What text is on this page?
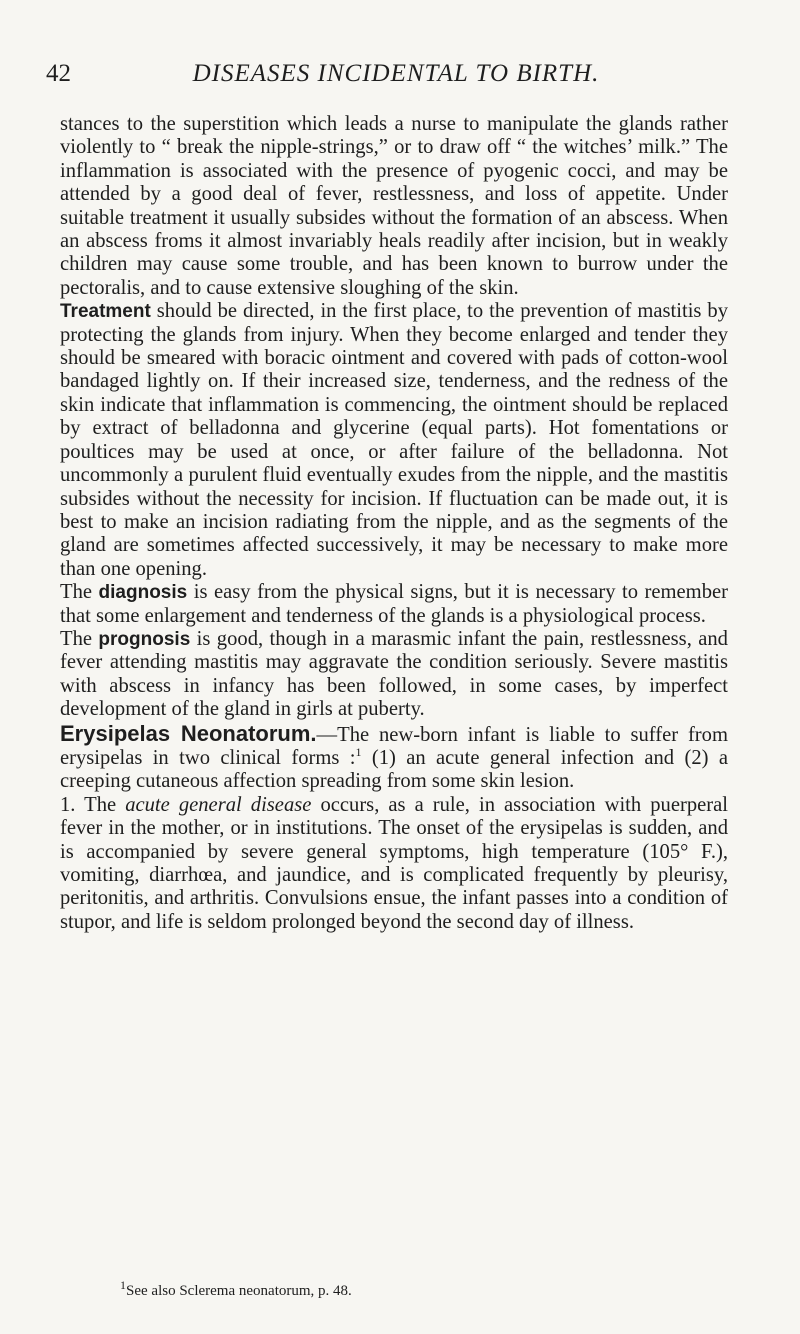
42	DISEASES INCIDENTAL TO BIRTH.

stances to the superstition which leads a nurse to manipulate the glands rather violently to “ break the nipple-strings,” or to draw off “ the witches’ milk.” The inflammation is associated with the presence of pyogenic cocci, and may be attended by a good deal of fever, restlessness, and loss of appetite. Under suitable treatment it usually subsides without the formation of an abscess. When an abscess froms it almost invariably heals readily after incision, but in weakly children may cause some trouble, and has been known to burrow under the pectoralis, and to cause extensive sloughing of the skin.

Treatment should be directed, in the first place, to the prevention of mastitis by protecting the glands from injury. When they become enlarged and tender they should be smeared with boracic ointment and covered with pads of cotton-wool bandaged lightly on. If their increased size, tenderness, and the redness of the skin indicate that inflammation is commencing, the ointment should be replaced by extract of belladonna and glycerine (equal parts). Hot fomentations or poultices may be used at once, or after failure of the belladonna. Not uncommonly a purulent fluid eventually exudes from the nipple, and the mastitis subsides without the necessity for incision. If fluctuation can be made out, it is best to make an incision radiating from the nipple, and as the segments of the gland are sometimes affected successively, it may be necessary to make more than one opening.

The diagnosis is easy from the physical signs, but it is necessary to remember that some enlargement and tenderness of the glands is a physiological process.

The prognosis is good, though in a marasmic infant the pain, restlessness, and fever attending mastitis may aggravate the condition seriously. Severe mastitis with abscess in infancy has been followed, in some cases, by imperfect development of the gland in girls at puberty.

Erysipelas Neonatorum.—The new-born infant is liable to suffer from erysipelas in two clinical forms :$^1$ (1) an acute general infection and (2) a creeping cutaneous affection spreading from some skin lesion.

1. The acute general disease occurs, as a rule, in association with puerperal fever in the mother, or in institutions. The onset of the erysipelas is sudden, and is accompanied by severe general symptoms, high temperature (105° F.), vomiting, diarrhœa, and jaundice, and is complicated frequently by pleurisy, peritonitis, and arthritis. Convulsions ensue, the infant passes into a condition of stupor, and life is seldom prolonged beyond the second day of illness.

$^1$See also Sclerema neonatorum, p. 48.
